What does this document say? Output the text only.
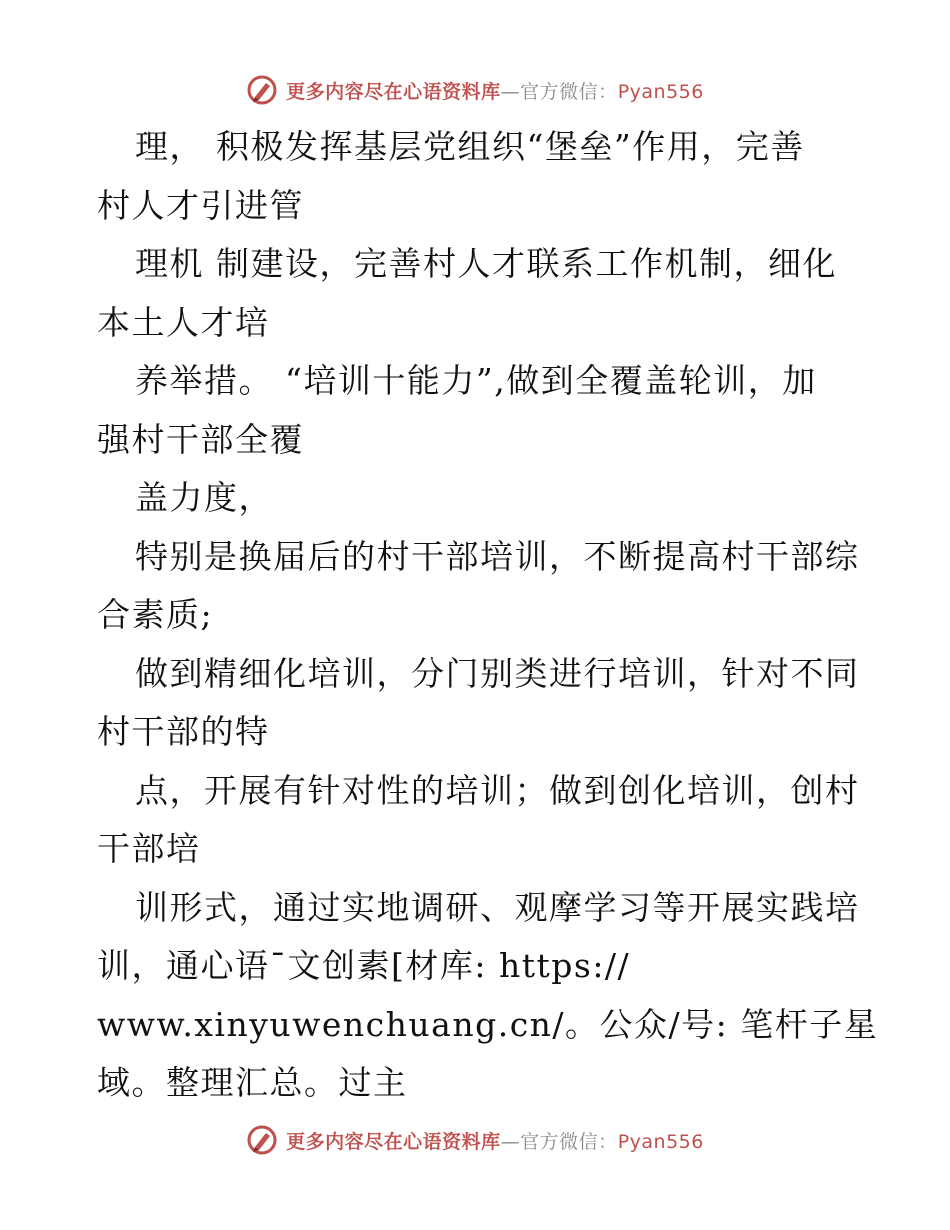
更多内容尽在心语资料库—官方微信：Pyan556
理， 积极发挥基层党组织“堡垒”作用，完善
村人才引进管
理机 制建设，完善村人才联系工作机制，细化
本土人才培
养举措。 “培训十能力”,做到全覆盖轮训，加
强村干部全覆
盖力度，
特别是换届后的村干部培训，不断提高村干部综
合素质;
做到精细化培训，分门别类进行培训，针对不同
村干部的特
点，开展有针对性的培训；做到创化培训，创村
干部培
训形式，通过实地调研、观摩学习等开展实践培
训，通心语¯文创素[材库: https://
www.xinyuwenchuang.cn/。公众/号: 笔杆子星
域。整理汇总。过主
更多内容尽在心语资料库—官方微信：Pyan556
